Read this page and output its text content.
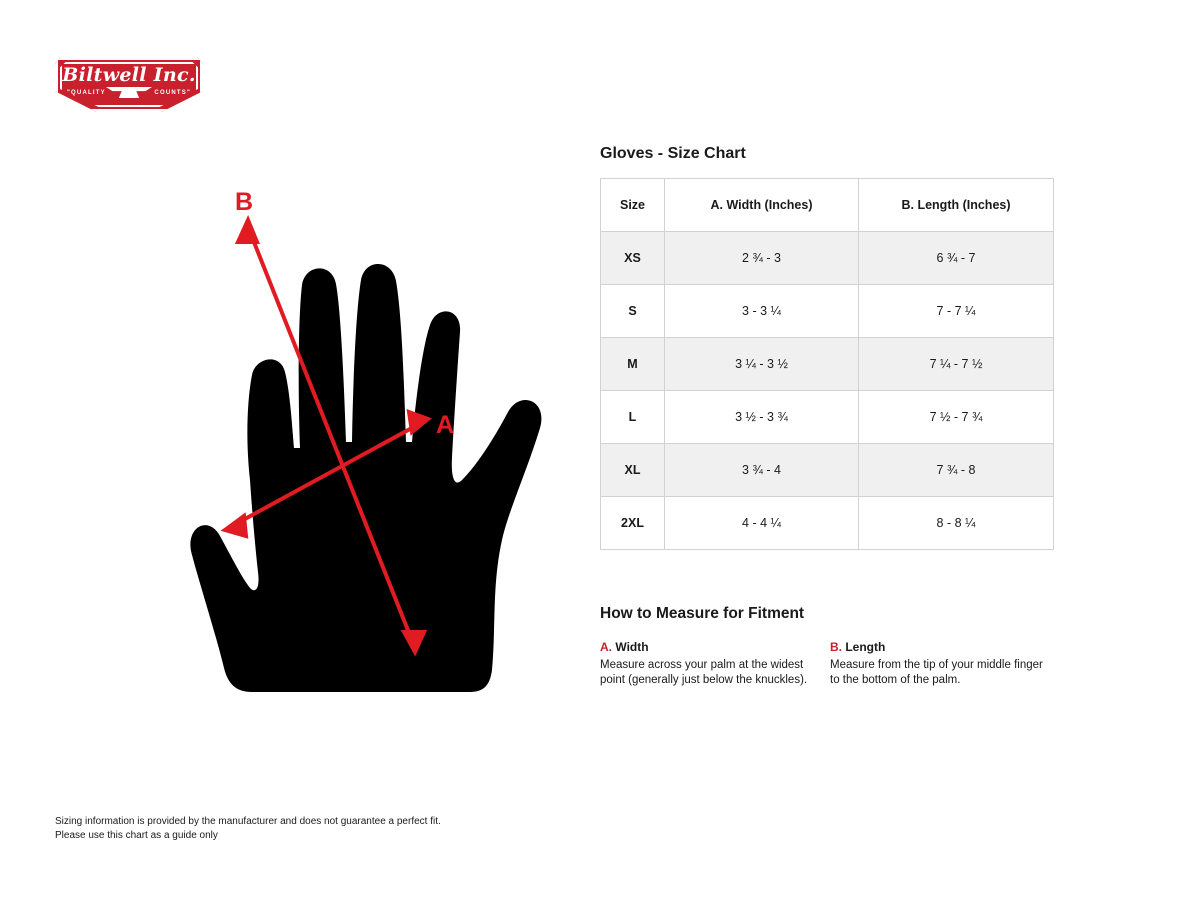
Biltwell Inc.
"QUALITY	COUNTS"
B
A
Gloves - Size Chart
Size	A. Width (Inches)	B. Length (Inches)
XS	2 ¾ - 3	6 ¾ - 7
S	3 - 3 ¼	7 - 7 ¼
M	3 ¼ - 3 ½	7 ¼ - 7 ½
L	3 ½ - 3 ¾	7 ½ - 7 ¾
XL	3 ¾ - 4	7 ¾ - 8
2XL	4 - 4 ¼	8 - 8 ¼
How to Measure for Fitment
A. Width

Measure across your palm at the widest point (generally just below the knuckles).

B. Length

Measure from the tip of your middle finger to the bottom of the palm.

Sizing information is provided by the manufacturer and does not guarantee a perfect fit.
Please use this chart as a guide only
